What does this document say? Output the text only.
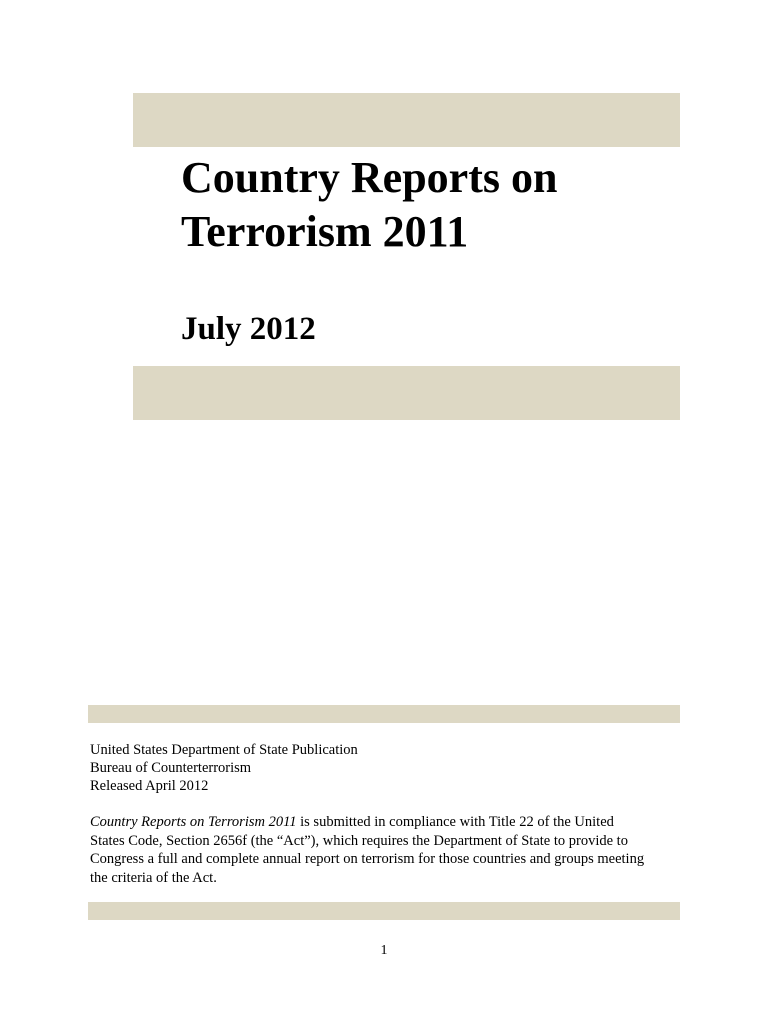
Country Reports on
Terrorism 2011
July 2012
United States Department of State Publication
Bureau of Counterterrorism
Released April 2012

Country Reports on Terrorism 2011 is submitted in compliance with Title 22 of the United
States Code, Section 2656f (the “Act”), which requires the Department of State to provide to
Congress a full and complete annual report on terrorism for those countries and groups meeting
the criteria of the Act.

1
